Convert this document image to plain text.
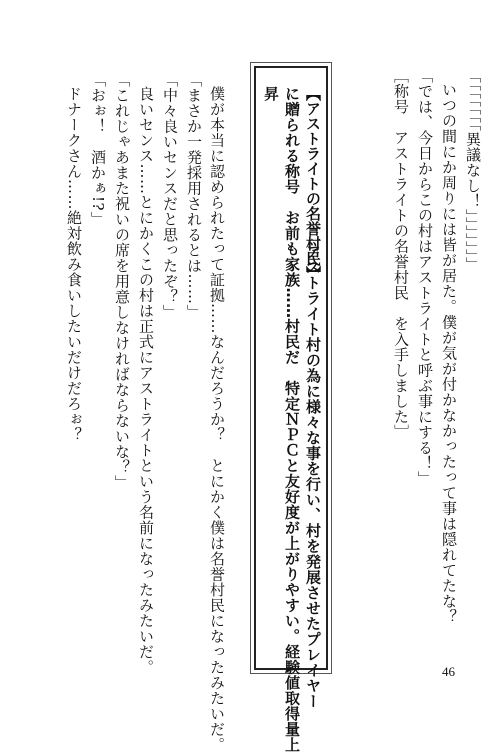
「「「「「「「異議なし！」」」」」」」
いつの間にか周りには皆が居た。僕が気が付かなかったって事は隠れてたな？
「では、今日からこの村はアストライトと呼ぶ事にする！」
［称号　アストライトの名誉村民　を入手しました］
【アストライトの名誉村民】
アストライト村の為に様々な事を行い、村を発展させたプレイヤー
に贈られる称号　お前も家族……村民だ　特定ＮＰＣと友好度が上がりやすい。経験値取得量上
昇
僕が本当に認められたって証拠……なんだろうか？　とにかく僕は名誉村民になったみたいだ。
「まさか一発採用されるとは……」
「中々良いセンスだと思ったぞ？」
良いセンス……とにかくこの村は正式にアストライトという名前になったみたいだ。
「これじゃあまた祝いの席を用意しなければならないな？」
「おぉ！　酒かぁ!?」
ドナークさん……絶対飲み食いしたいだけだろぉ？
46
